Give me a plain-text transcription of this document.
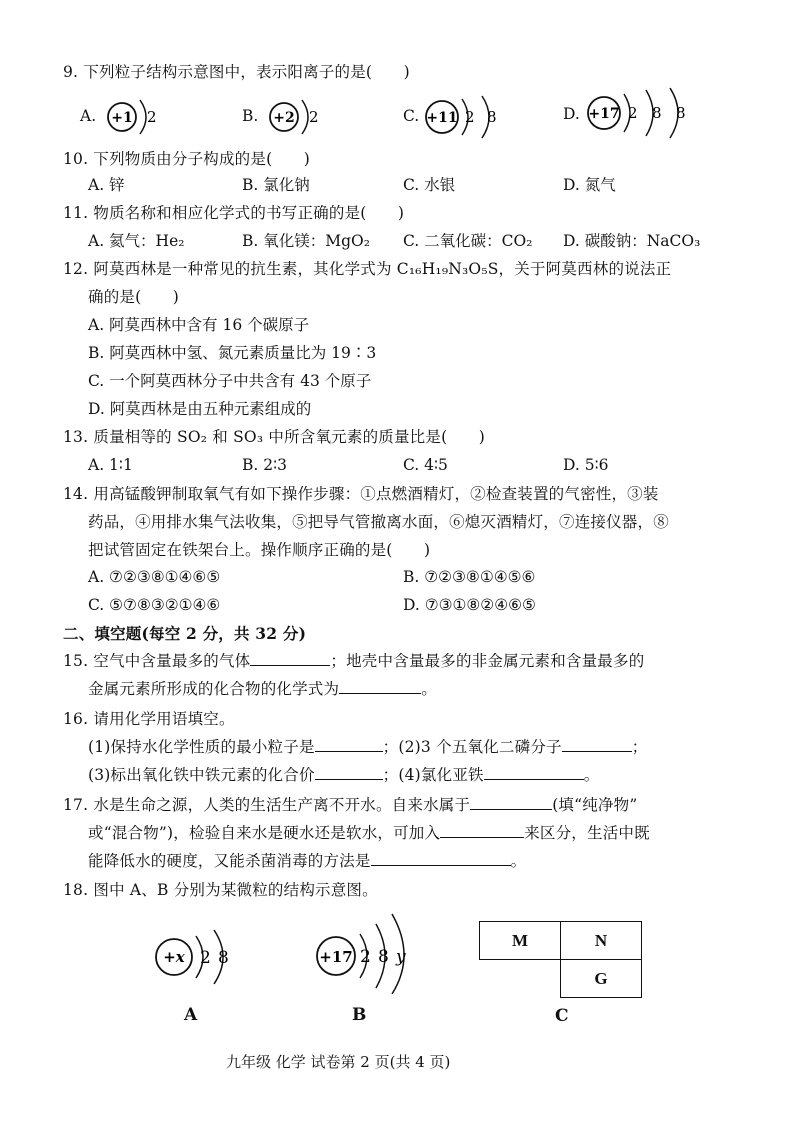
9. 下列粒子结构示意图中，表示阳离子的是(　　)
A. +1 2	B. +2 2	C. +11 2 8	D. +17 2 8 8
10. 下列物质由分子构成的是(　　)
A. 锌	B. 氯化钠	C. 水银	D. 氮气
11. 物质名称和相应化学式的书写正确的是(　　)
A. 氦气：He₂	B. 氧化镁：MgO₂ C. 二氧化碳：CO₂ D. 碳酸钠：NaCO₃
12. 阿莫西林是一种常见的抗生素，其化学式为 C₁₆H₁₉N₃O₅S，关于阿莫西林的说法正
确的是(　　)
A. 阿莫西林中含有 16 个碳原子
B. 阿莫西林中氢、氮元素质量比为 19∶3
C. 一个阿莫西林分子中共含有 43 个原子
D. 阿莫西林是由五种元素组成的
13. 质量相等的 SO₂ 和 SO₃ 中所含氧元素的质量比是(　　)
A. 1∶1	B. 2∶3	C. 4∶5	D. 5∶6
14. 用高锰酸钾制取氧气有如下操作步骤：①点燃酒精灯，②检查装置的气密性，③装
药品，④用排水集气法收集，⑤把导气管撤离水面，⑥熄灭酒精灯，⑦连接仪器，⑧
把试管固定在铁架台上。操作顺序正确的是(　　)
A. ⑦②③⑧①④⑥⑤	B. ⑦②③⑧①④⑤⑥
C. ⑤⑦⑧③②①④⑥	D. ⑦③①⑧②④⑥⑤
二、填空题(每空 2 分，共 32 分)
15. 空气中含量最多的气体	；地壳中含量最多的非金属元素和含量最多的
金属元素所形成的化合物的化学式为	。
16. 请用化学用语填空。
(1)保持水化学性质的最小粒子是	；(2)3 个五氧化二磷分子	；
(3)标出氧化铁中铁元素的化合价	；(4)氯化亚铁	。
17. 水是生命之源，人类的生活生产离不开水。自来水属于	(填“纯净物”
或“混合物”)，检验自来水是硬水还是软水，可加入	来区分，生活中既
能降低水的硬度，又能杀菌消毒的方法是	。
18. 图中 A、B 分别为某微粒的结构示意图。
+x 2 8
A
+17 2 8 y
B
M	N
	G
C
九年级 化学 试卷第 2 页(共 4 页)
